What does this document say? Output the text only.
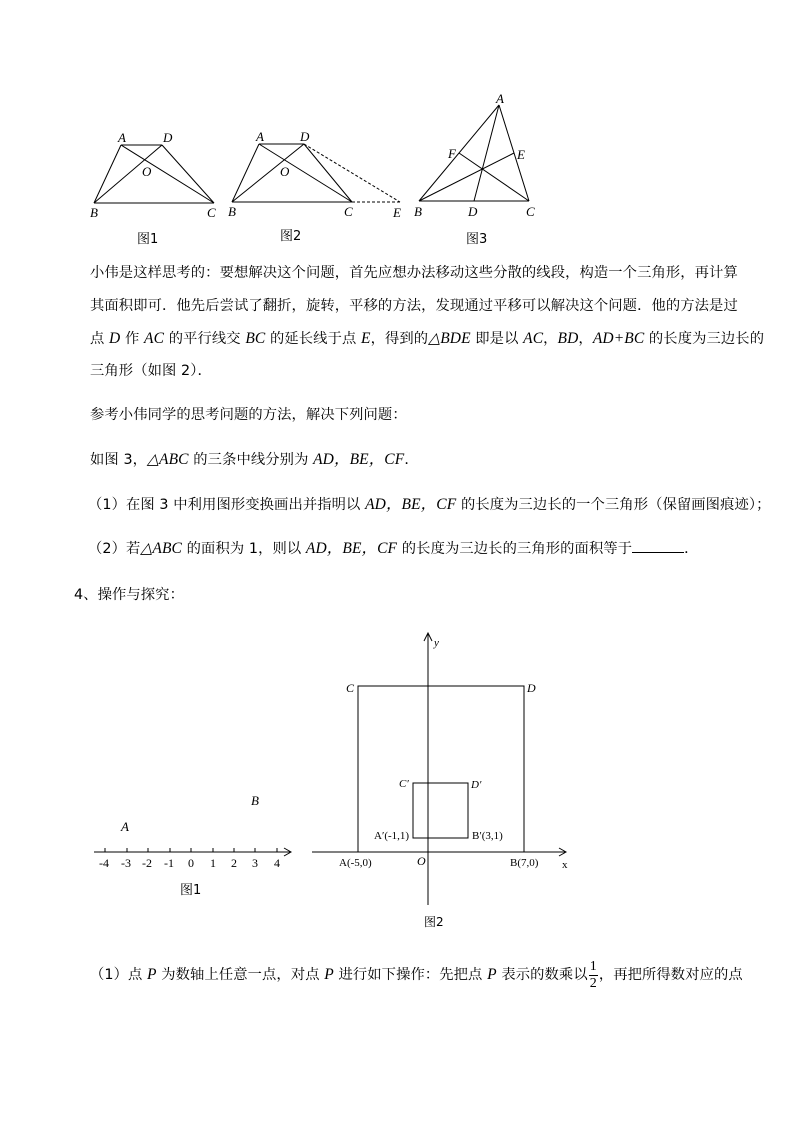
A	D
O
B	C
图1
A	D
O
B	C	E
图2
A
F	E
B	D	C
图3
小伟是这样思考的：要想解决这个问题，首先应想办法移动这些分散的线段，构造一个三角形，再计算
其面积即可．他先后尝试了翻折，旋转，平移的方法，发现通过平移可以解决这个问题．他的方法是过
点 D 作 AC 的平行线交 BC 的延长线于点 E，得到的△BDE 即是以 AC，BD，AD+BC 的长度为三边长的
三角形（如图 2）．
参考小伟同学的思考问题的方法，解决下列问题：
如图 3，△ABC 的三条中线分别为 AD，BE，CF．
（1）在图 3 中利用图形变换画出并指明以 AD，BE，CF 的长度为三边长的一个三角形（保留画图痕迹）；
（2）若△ABC 的面积为 1，则以 AD，BE，CF 的长度为三边长的三角形的面积等于	．
4、操作与探究：
-4 -3 -2 -1 0 1 2 3 4
A
B
图1
y
x
O
C	D
C′	D′
A′(-1,1)	B′(3,1)
A(-5,0)	B(7,0)
图2
（1）点 P 为数轴上任意一点，对点 P 进行如下操作：先把点 P 表示的数乘以 $\frac{1}{2}$ ，再把所得数对应的点
